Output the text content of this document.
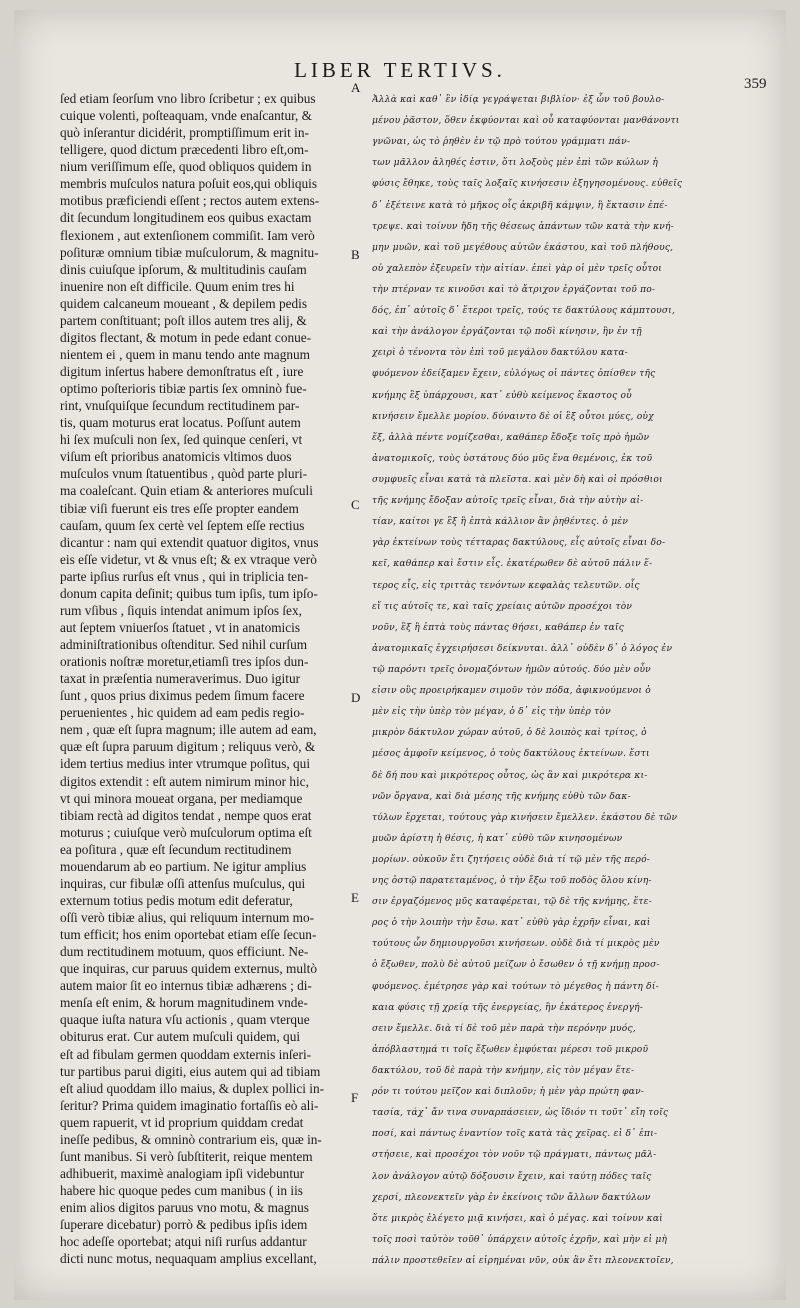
LIBER TERTIVS.
359
ſed etiam ſeorſum vno libro ſcribetur ; ex quibus
cuique volenti, poſteaquam, vnde enaſcantur, &
quò inſerantur dicidérit, promptiſſimum erit in-
telligere, quod dictum præcedenti libro eſt,om-
nium veriſſimum eſſe, quod obliquos quidem in
membris muſculos natura poſuit eos,qui obliquis
motibus præficiendi eſſent ; rectos autem extens-
dit ſecundum longitudinem eos quibus exactam
flexionem , aut extenſionem commiſit. Iam verò
poſituræ omnium tibiæ muſculorum, & magnitu-
dinis cuiuſque ipſorum, & multitudinis cauſam
inuenire non eſt difficile. Quum enim tres hi
quidem calcaneum moueant , & depilem pedis
partem conſtituant; poſt illos autem tres alij, &
digitos flectant, & motum in pede edant conue-
nientem ei , quem in manu tendo ante magnum
digitum inſertus habere demonſtratus eſt , iure
optimo poſterioris tibiæ partis ſex omninò fue-
rint, vnuſquiſque ſecundum rectitudinem par-
tis, quam moturus erat locatus. Poſſunt autem
hi ſex muſculi non ſex, ſed quinque cenſeri, vt
viſum eſt prioribus anatomicis vltimos duos
muſculos vnum ſtatuentibus , quòd parte pluri-
ma coaleſcant. Quin etiam & anteriores muſculi
tibiæ viſi fuerunt eis tres eſſe propter eandem
cauſam, quum ſex certè vel ſeptem eſſe rectius
dicantur : nam qui extendit quatuor digitos, vnus
eis eſſe videtur, vt & vnus eſt; & ex vtraque verò
parte ipſius rurſus eſt vnus , qui in triplicia ten-
donum capita deſinit; quibus tum ipſis, tum ipſo-
rum vſibus , ſiquis intendat animum ipſos ſex,
aut ſeptem vniuerſos ſtatuet , vt in anatomicis
adminiſtrationibus oſtenditur. Sed nihil curſum
orationis noſtræ moretur,etiamſi tres ipſos dun-
taxat in præſentia numeraverimus. Duo igitur
ſunt , quos prius diximus pedem ſimum facere
peruenientes , hic quidem ad eam pedis regio-
nem , quæ eſt ſupra magnum; ille autem ad eam,
quæ eſt ſupra paruum digitum ; reliquus verò, &
idem tertius medius inter vtrumque poſitus, qui
digitos extendit : eſt autem nimirum minor hic,
vt qui minora moueat organa, per mediamque
tibiam rectà ad digitos tendat , nempe quos erat
moturus ; cuiuſque verò muſculorum optima eſt
ea poſitura , quæ eſt ſecundum rectitudinem
mouendarum ab eo partium. Ne igitur amplius
inquiras, cur fibulæ oſſi attenſus muſculus, qui
externum totius pedis motum edit deferatur,
oſſi verò tibiæ alius, qui reliquum internum mo-
tum efficit; hos enim oportebat etiam eſſe ſecun-
dum rectitudinem motuum, quos efficiunt. Ne-
que inquiras, cur paruus quidem externus, multò
autem maior ſit eo internus tibiæ adhærens ; di-
menſa eſt enim, & horum magnitudinem vnde-
quaque iuſta natura vſu actionis , quam vterque
obiturus erat. Cur autem muſculi quidem, qui
eſt ad fibulam germen quoddam externis inſeri-
tur partibus parui digiti, eius autem qui ad tibiam
eſt aliud quoddam illo maius, & duplex pollici in-
ſeritur? Prima quidem imaginatio fortaſſis eò ali-
quem rapuerit, vt id proprium quiddam credat
ineſſe pedibus, & omninò contrarium eis, quæ in-
ſunt manibus. Si verò ſubſtiterit, reique mentem
adhibuerit, maximè analogiam ipſi videbuntur
habere hic quoque pedes cum manibus ( in iis
enim alios digitos paruus vno motu, & magnus
ſuperare dicebatur) porrò & pedibus ipſis idem
hoc adeſſe oportebat; atqui niſi rurſus addantur
dicti nunc motus, nequaquam amplius excellant,
Ἀλλὰ καὶ καθ᾽ ἓν ἰδίᾳ γεγράψεται βιβλίον· ἐξ ὧν τοῦ βουλο-
μένου ῥᾶστον, ὅθεν ἐκφύονται καὶ οὗ καταφύονται μανθάνοντι
γνῶναι, ὡς τὸ ῥηθὲν ἐν τῷ πρὸ τούτου γράμματι πάν-
των μᾶλλον ἀληθές ἐστιν, ὅτι λοξοὺς μὲν ἐπὶ τῶν κώλων ἡ
φύσις ἔθηκε, τοὺς ταῖς λοξαῖς κινήσεσιν ἐξηγησομένους. εὐθεῖς
δ᾽ ἐξέτεινε κατὰ τὸ μῆκος οἷς ἀκριβῆ κάμψιν, ἢ ἔκτασιν ἐπέ-
τρεψε. καὶ τοίνυν ἤδη τῆς θέσεως ἁπάντων τῶν κατὰ τὴν κνή-
μην μυῶν, καὶ τοῦ μεγέθους αὐτῶν ἑκάστου, καὶ τοῦ πλήθους,
οὐ χαλεπὸν ἐξευρεῖν τὴν αἰτίαν. ἐπεὶ γὰρ οἱ μὲν τρεῖς οὗτοι
τὴν πτέρναν τε κινοῦσι καὶ τὸ ἄτριχον ἐργάζονται τοῦ πο-
δός, ἐπ᾽ αὐτοῖς δ᾽ ἕτεροι τρεῖς, τούς τε δακτύλους κάμπτουσι,
καὶ τὴν ἀνάλογον ἐργάζονται τῷ ποδὶ κίνησιν, ἣν ἐν τῇ
χειρὶ ὁ τένοντα τὸν ἐπὶ τοῦ μεγάλου δακτύλου κατα-
φυόμενον ἐδείξαμεν ἔχειν, εὐλόγως οἱ πάντες ὀπίσθεν τῆς
κνήμης ἓξ ὑπάρχουσι, κατ᾽ εὐθὺ κείμενος ἕκαστος οὗ
κινήσειν ἔμελλε μορίου. δύναιντο δὲ οἱ ἓξ οὗτοι μύες, οὐχ
ἕξ, ἀλλὰ πέντε νομίζεσθαι, καθάπερ ἔδοξε τοῖς πρὸ ἡμῶν
ἀνατομικοῖς, τοὺς ὑστάτους δύο μῦς ἕνα θεμένοις, ἐκ τοῦ
συμφυεῖς εἶναι κατὰ τὰ πλεῖστα. καὶ μὲν δὴ καὶ οἱ πρόσθιοι
τῆς κνήμης ἔδοξαν αὐτοῖς τρεῖς εἶναι, διὰ τὴν αὐτὴν αἰ-
τίαν, καίτοι γε ἓξ ἢ ἑπτὰ κάλλιον ἂν ῥηθέντες. ὁ μὲν
γὰρ ἐκτείνων τοὺς τέτταρας δακτύλους, εἷς αὐτοῖς εἶναι δο-
κεῖ, καθάπερ καὶ ἔστιν εἷς. ἑκατέρωθεν δὲ αὐτοῦ πάλιν ἕ-
τερος εἷς, εἰς τριττὰς τενόντων κεφαλὰς τελευτῶν. οἷς
εἴ τις αὐτοῖς τε, καὶ ταῖς χρείαις αὐτῶν προσέχοι τὸν
νοῦν, ἓξ ἢ ἑπτὰ τοὺς πάντας θήσει, καθάπερ ἐν ταῖς
ἀνατομικαῖς ἐγχειρήσεσι δείκνυται. ἀλλ᾽ οὐδὲν δ᾽ ὁ λόγος ἐν
τῷ παρόντι τρεῖς ὀνομαζόντων ἡμῶν αὐτούς. δύο μὲν οὖν
εἰσιν οὓς προειρήκαμεν σιμοῦν τὸν πόδα, ἀφικνούμενοι ὁ
μὲν εἰς τὴν ὑπὲρ τὸν μέγαν, ὁ δ᾽ εἰς τὴν ὑπὲρ τὸν
μικρὸν δάκτυλον χώραν αὐτοῦ, ὁ δὲ λοιπὸς καὶ τρίτος, ὁ
μέσος ἀμφοῖν κείμενος, ὁ τοὺς δακτύλους ἐκτείνων. ἔστι
δὲ δή που καὶ μικρότερος οὗτος, ὡς ἂν καὶ μικρότερα κι-
νῶν ὄργανα, καὶ διὰ μέσης τῆς κνήμης εὐθὺ τῶν δακ-
τύλων ἔρχεται, τούτους γὰρ κινήσειν ἔμελλεν. ἑκάστου δὲ τῶν
μυῶν ἀρίστη ἡ θέσις, ἡ κατ᾽ εὐθὺ τῶν κινησομένων
μορίων. οὐκοῦν ἔτι ζητήσεις οὐδὲ διὰ τί τῷ μὲν τῆς περό-
νης ὀστῷ παρατεταμένος, ὁ τὴν ἔξω τοῦ ποδὸς ὅλου κίνη-
σιν ἐργαζόμενος μῦς καταφέρεται, τῷ δὲ τῆς κνήμης, ἕτε-
ρος ὁ τὴν λοιπὴν τὴν ἔσω. κατ᾽ εὐθὺ γὰρ ἐχρῆν εἶναι, καὶ
τούτους ὧν δημιουργοῦσι κινήσεων. οὐδὲ διὰ τί μικρὸς μὲν
ὁ ἔξωθεν, πολὺ δὲ αὐτοῦ μείζων ὁ ἔσωθεν ὁ τῇ κνήμῃ προσ-
φυόμενος. ἐμέτρησε γὰρ καὶ τούτων τὸ μέγεθος ἡ πάντη δί-
καια φύσις τῇ χρείᾳ τῆς ἐνεργείας, ἣν ἑκάτερος ἐνεργή-
σειν ἔμελλε. διὰ τί δὲ τοῦ μὲν παρὰ τὴν περόνην μυός,
ἀπόβλαστημά τι τοῖς ἔξωθεν ἐμφύεται μέρεσι τοῦ μικροῦ
δακτύλου, τοῦ δὲ παρὰ τὴν κνήμην, εἰς τὸν μέγαν ἕτε-
ρόν τι τούτου μεῖζον καὶ διπλοῦν; ἡ μὲν γὰρ πρώτη φαν-
τασία, τάχ᾽ ἄν τινα συναρπάσειεν, ὡς ἴδιόν τι τοῦτ᾽ εἴη τοῖς
ποσί, καὶ πάντως ἐναντίον τοῖς κατὰ τὰς χεῖρας. εἰ δ᾽ ἐπι-
στήσειε, καὶ προσέχοι τὸν νοῦν τῷ πράγματι, πάντως μᾶλ-
λον ἀνάλογον αὐτῷ δόξουσιν ἔχειν, καὶ ταύτῃ πόδες ταῖς
χερσί, πλεονεκτεῖν γὰρ ἐν ἐκείνοις τῶν ἄλλων δακτύλων
ὅτε μικρὸς ἐλέγετο μιᾷ κινήσει, καὶ ὁ μέγας. καὶ τοίνυν καὶ
τοῖς ποσὶ ταὐτὸν τοῦθ᾽ ὑπάρχειν αὐτοῖς ἐχρῆν, καὶ μὴν εἰ μὴ
πάλιν προστεθεῖεν αἱ εἰρημέναι νῦν, οὐκ ἂν ἔτι πλεονεκτοῖεν,
A
B
C
D
E
F
